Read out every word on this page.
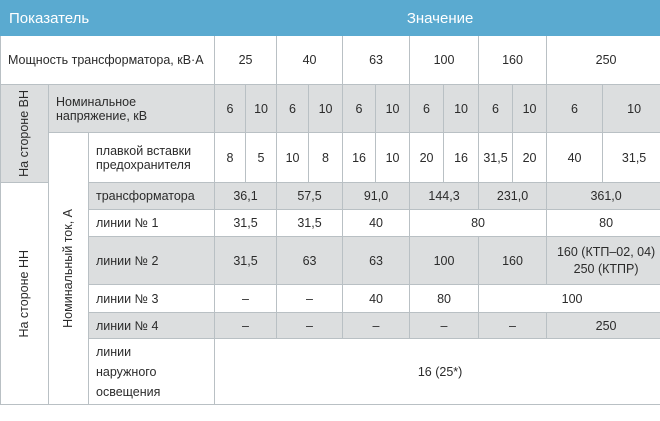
Показатель			Значение											
Мощность трансформатора, кВ·А			25		40		63		100		160		250	

На стороне ВН	Номинальное напряжение, кВ		6	10	6	10	6	10	6	10	6	10	6	10

	Номинальный ток, А	плавкой вставки предохранителя	8	5	10	8	16	10	20	16	31,5	20	40	31,5

На стороне НН		трансформатора	36,1		57,5		91,0		144,3		231,0		361,0	
		линии № 1	31,5		31,5		40		80				80	
		линии № 2	31,5		63		63		100		160		160 (КТП–02, 04)
250 (КТПР)	

		линии № 3	–		–		40		80		100			
		линии № 4	–		–		–		–		–		250	

		линии наружного освещения	16 (25*)											
